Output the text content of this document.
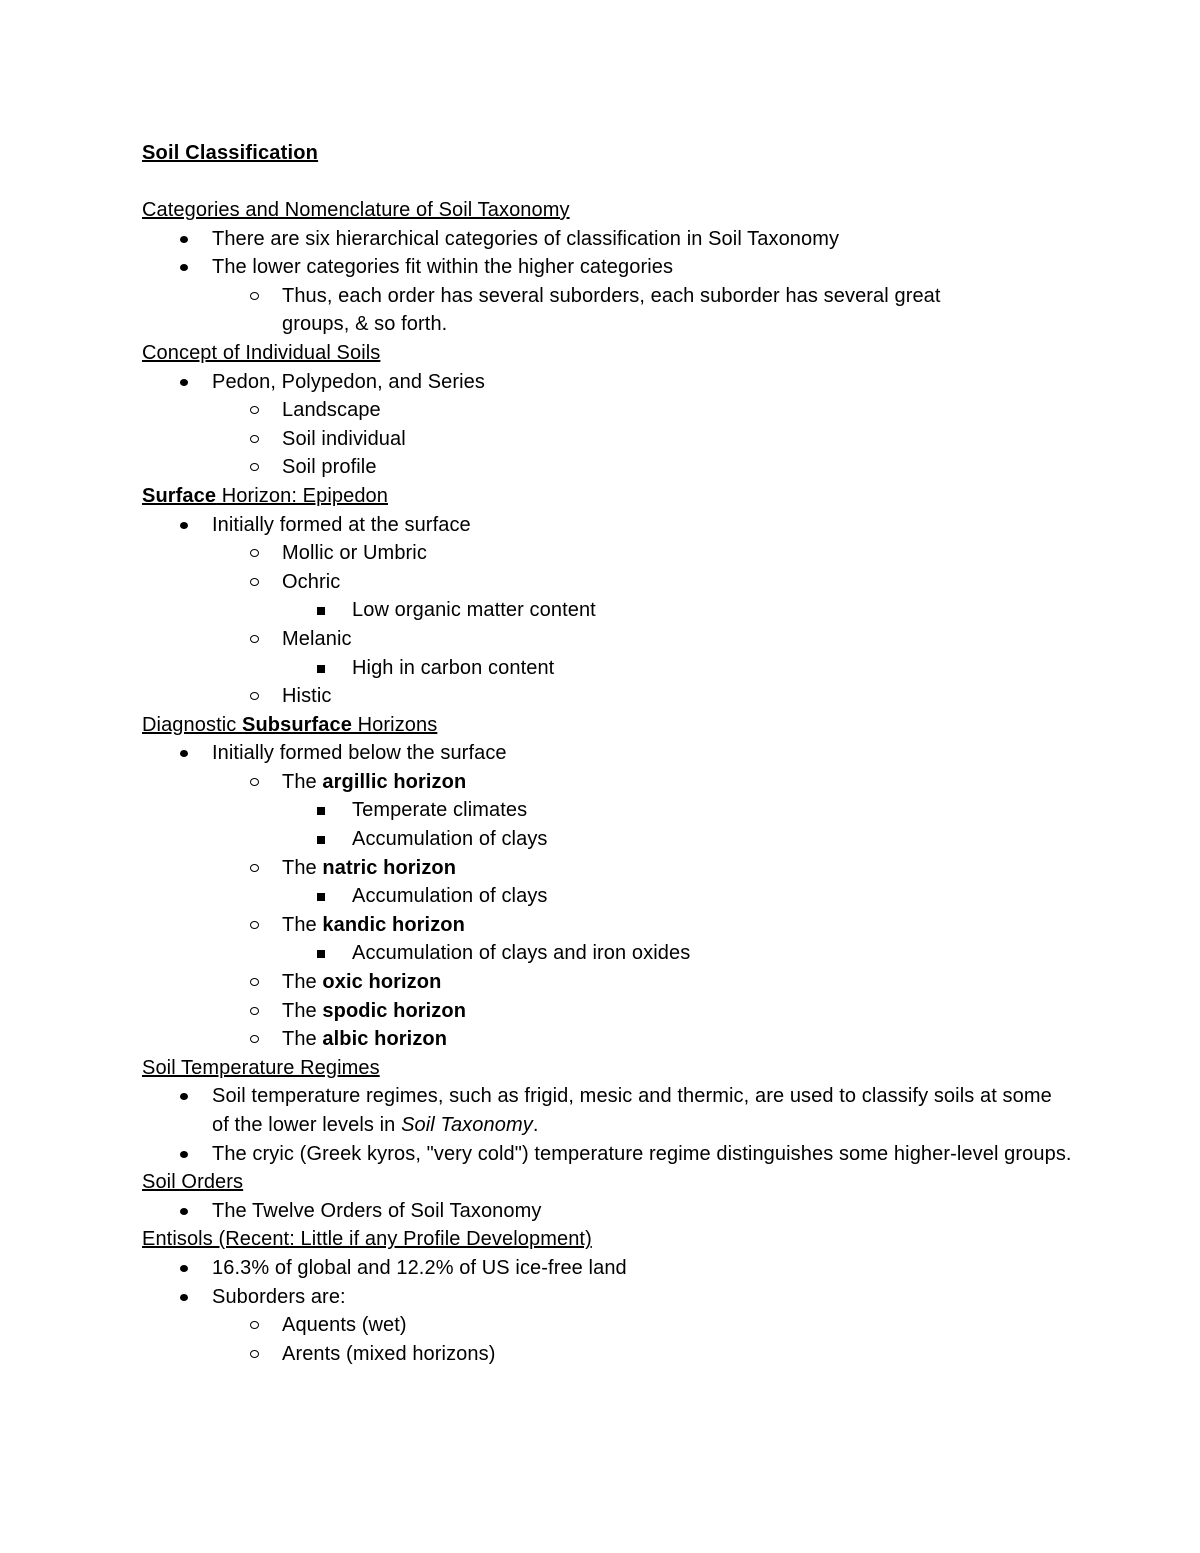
Soil Classification
Categories and Nomenclature of Soil Taxonomy
There are six hierarchical categories of classification in Soil Taxonomy
The lower categories fit within the higher categories
Thus, each order has several suborders, each suborder has several great groups, & so forth.
Concept of Individual Soils
Pedon, Polypedon, and Series
Landscape
Soil individual
Soil profile
Surface Horizon: Epipedon
Initially formed at the surface
Mollic or Umbric
Ochric
Low organic matter content
Melanic
High in carbon content
Histic
Diagnostic Subsurface Horizons
Initially formed below the surface
The argillic horizon
Temperate climates
Accumulation of clays
The natric horizon
Accumulation of clays
The kandic horizon
Accumulation of clays and iron oxides
The oxic horizon
The spodic horizon
The albic horizon
Soil Temperature Regimes
Soil temperature regimes, such as frigid, mesic and thermic, are used to classify soils at some of the lower levels in Soil Taxonomy.
The cryic (Greek kyros, "very cold") temperature regime distinguishes some higher-level groups.
Soil Orders
The Twelve Orders of Soil Taxonomy
Entisols (Recent: Little if any Profile Development)
16.3% of global and 12.2% of US ice-free land
Suborders are:
Aquents (wet)
Arents (mixed horizons)
